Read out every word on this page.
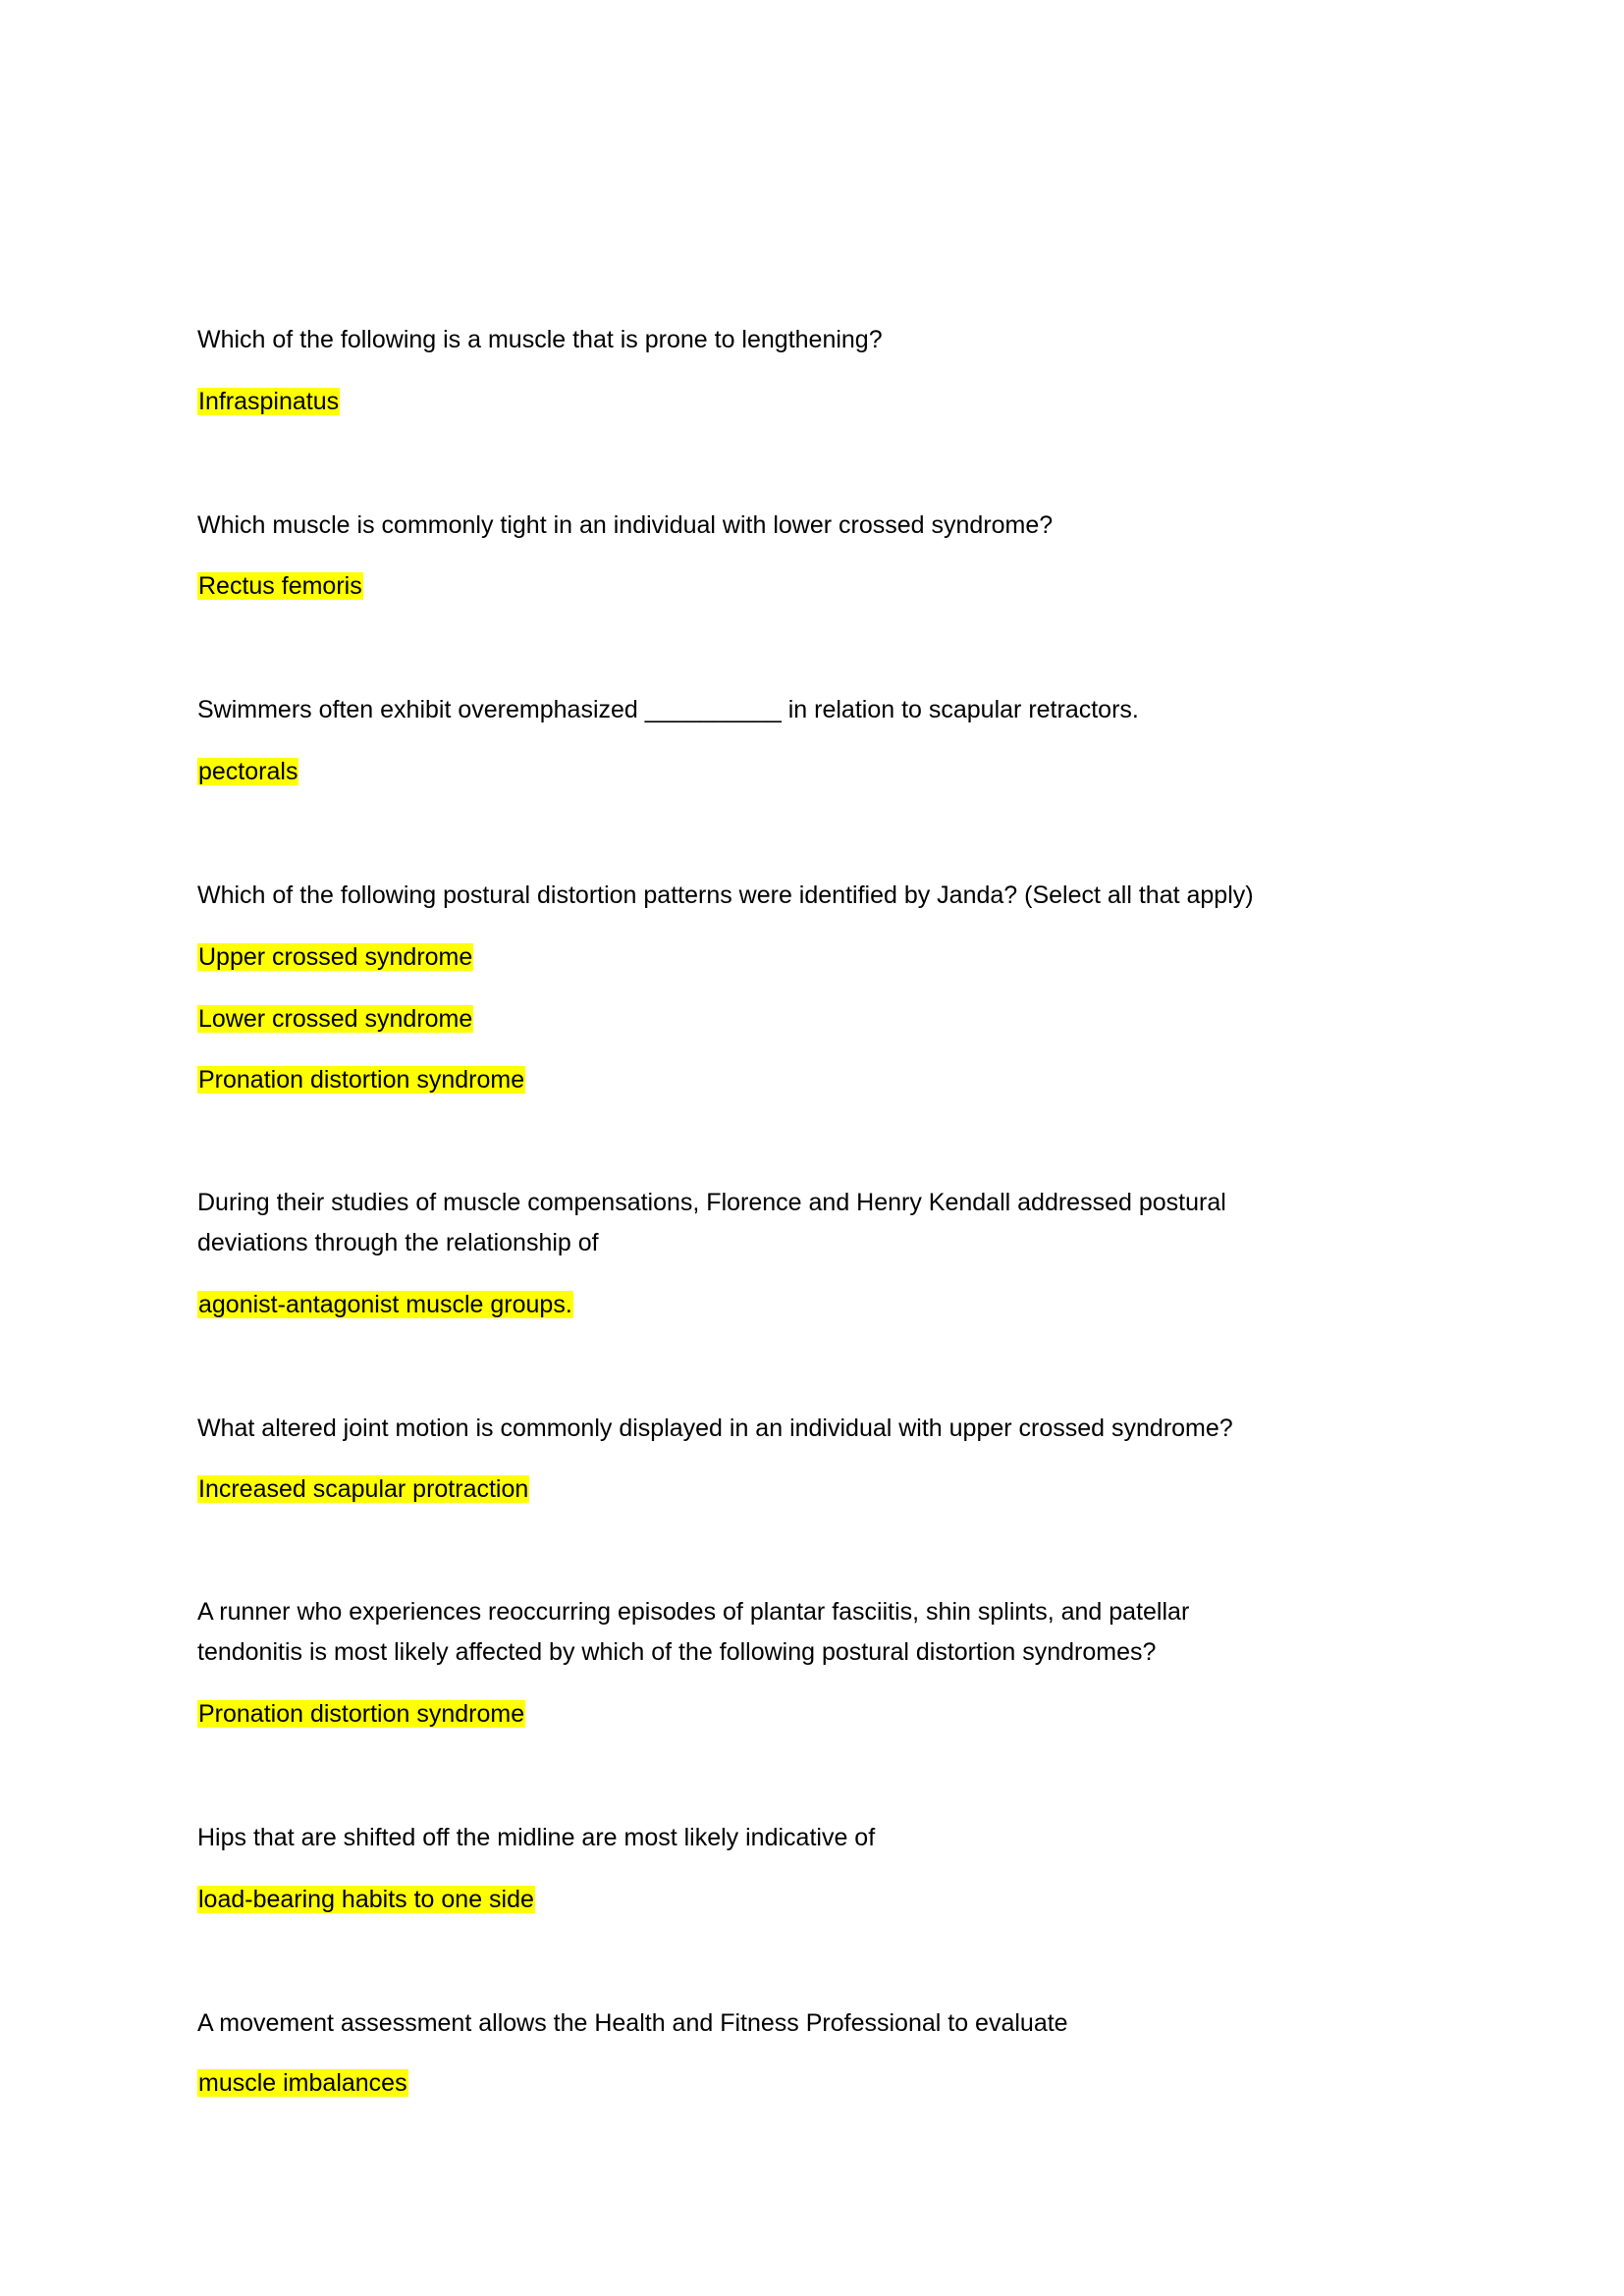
Which of the following is a muscle that is prone to lengthening?
Infraspinatus
Which muscle is commonly tight in an individual with lower crossed syndrome?
Rectus femoris
Swimmers often exhibit overemphasized __________ in relation to scapular retractors.
pectorals
Which of the following postural distortion patterns were identified by Janda? (Select all that apply)
Upper crossed syndrome
Lower crossed syndrome
Pronation distortion syndrome
During their studies of muscle compensations, Florence and Henry Kendall addressed postural
deviations through the relationship of
agonist-antagonist muscle groups.
What altered joint motion is commonly displayed in an individual with upper crossed syndrome?
Increased scapular protraction
A runner who experiences reoccurring episodes of plantar fasciitis, shin splints, and patellar
tendonitis is most likely affected by which of the following postural distortion syndromes?
Pronation distortion syndrome
Hips that are shifted off the midline are most likely indicative of
load-bearing habits to one side
A movement assessment allows the Health and Fitness Professional to evaluate
muscle imbalances
